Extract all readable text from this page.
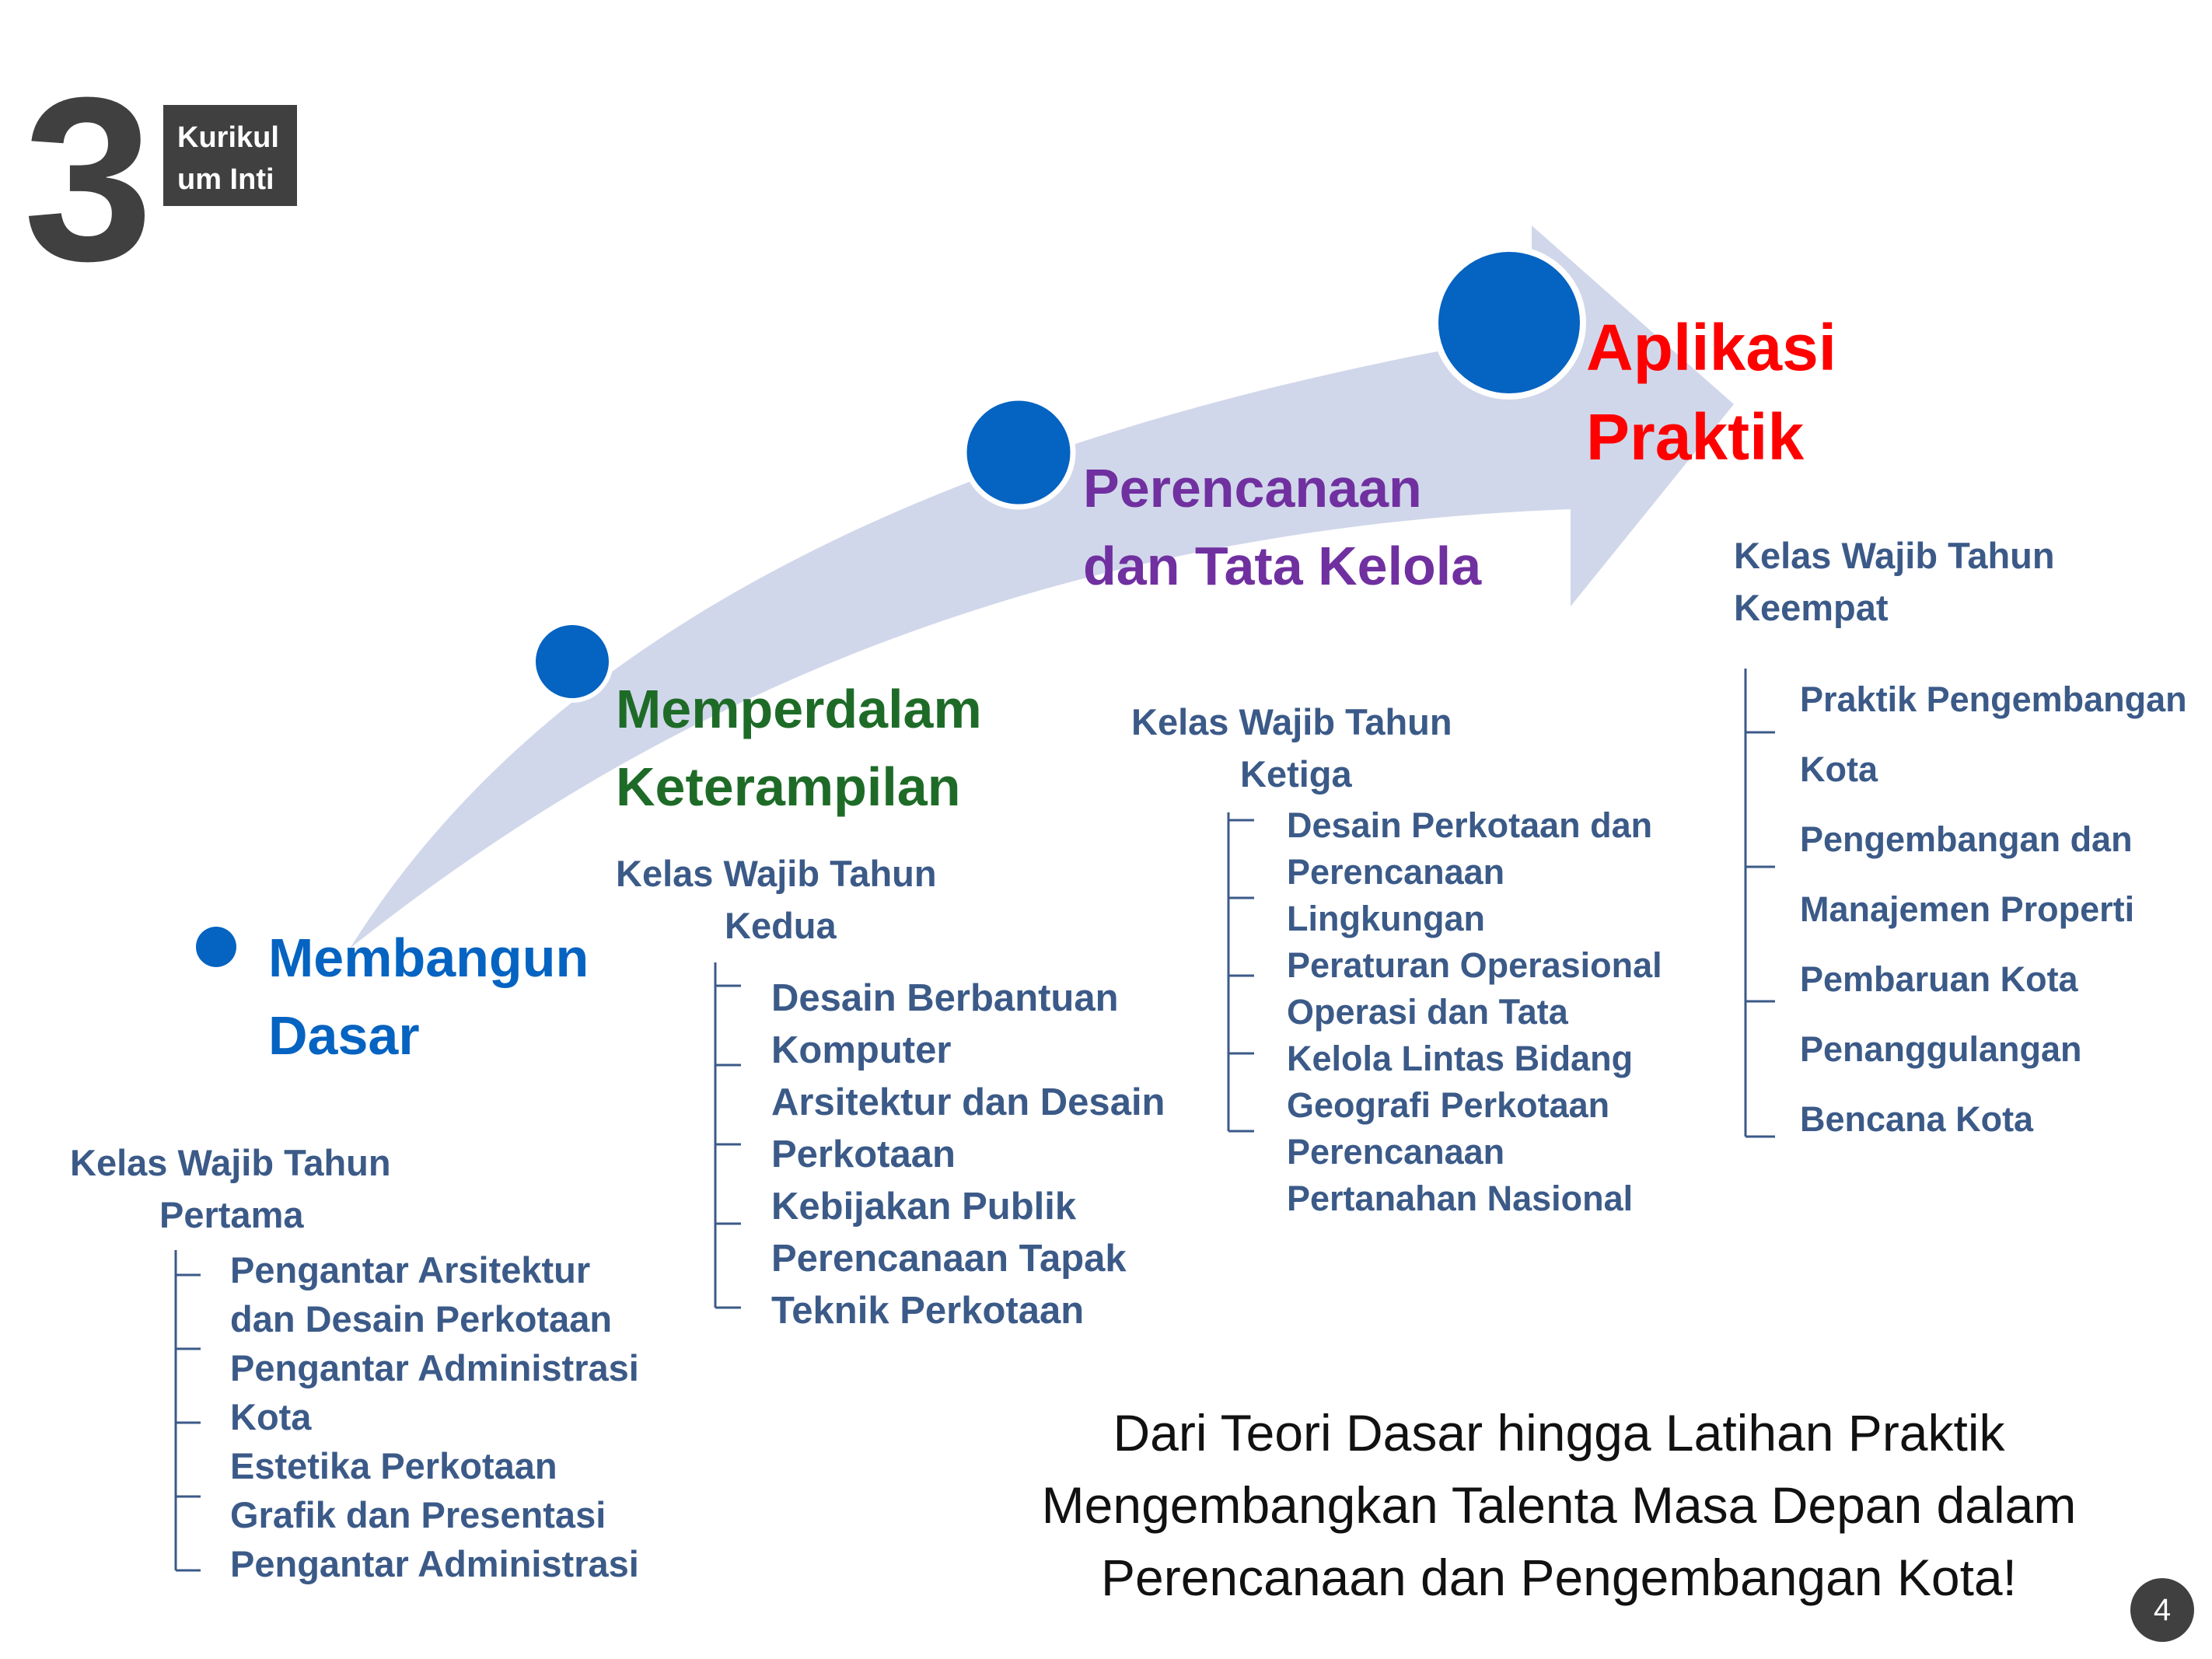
3 Kurikul
um Inti
Membangun
Dasar
Kelas Wajib Tahun
Pertama
Pengantar Arsitektur
dan Desain Perkotaan
Pengantar Administrasi
Kota
Estetika Perkotaan
Grafik dan Presentasi
Pengantar Administrasi
Memperdalam
Keterampilan
Kelas Wajib Tahun
Kedua
Desain Berbantuan
Komputer
Arsitektur dan Desain
Perkotaan
Kebijakan Publik
Perencanaan Tapak
Teknik Perkotaan
Perencanaan
dan Tata Kelola
Kelas Wajib Tahun
Ketiga
Desain Perkotaan dan
Perencanaan
Lingkungan
Peraturan Operasional
Operasi dan Tata
Kelola Lintas Bidang
Geografi Perkotaan
Perencanaan
Pertanahan Nasional
Aplikasi
Praktik
Kelas Wajib Tahun
Keempat
Praktik Pengembangan
Kota
Pengembangan dan
Manajemen Properti
Pembaruan Kota
Penanggulangan
Bencana Kota
Dari Teori Dasar hingga Latihan Praktik
Mengembangkan Talenta Masa Depan dalam
Perencanaan dan Pengembangan Kota!
4
